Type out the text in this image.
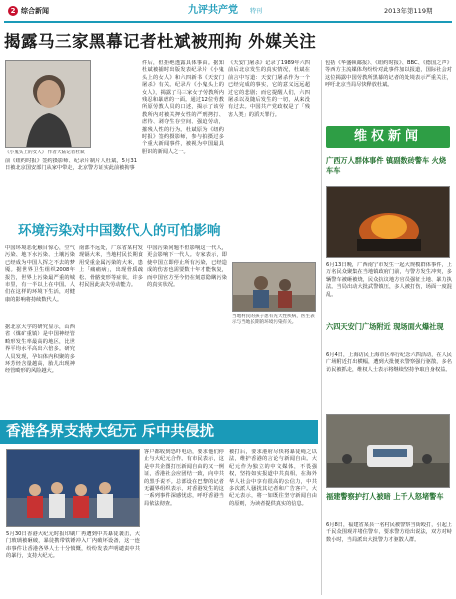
2 综合新闻	九评共产党 特刊	2013年第119期
揭露马三家黑幕记者杜斌被刑拘 外媒关注
《小鬼头上的女人》 作者大陆记者杜斌
前《纽约时报》签约摄影师、纪录片制片人杜斌，5月31日被北京国安部门从家中带走，北京警方证实此前被拘事
件后，但拒绝透露具体事由。据知杜斌被捕时出版发表纪录片《小鬼头上的女人》和六四新书《天安门屠杀》有关。纪录片《小鬼头上的女人》，揭露了马三家女子劳教所内残忍和暴虐的一面。通过12位劳教所原劳教人员的口述，揭示了该劳教所内对被关押女性的严刑拷打、虐待、剥夺生存空间、强迫劳动，摧残人性的行为。杜斌原为《纽约时报》签约摄影师，参与拍摄过多个重大新闻事件，被视为中国最具胆识的新闻人之一。
《天安门屠杀》记录了1989年六四前后北京发生的真实情况，杜斌在前言中写道：天安门屠杀作为一个已经完成的事实，它的意义远远超过它的悲剧；而它提醒人们，六四屠杀以及随后发生的一切，从来没有过去。中国共产党政权是了「残害人类」的滔天罪行。
环境污染对中国数代人的可怕影响
中国环境恶化触目惊心，空气污染、地下水污染、土壤污染已经成为中国人挥之不去的梦魇。据世界卫生组织2008年报告，世界上污染最严重的城市里，有一半以上在中国。人们在这样的环境下生活，对健康的影响将持续数代人。
据北京大学的研究显示，山西省（煤矿重镇）是中国神经管畸形发生率最高的地区，比世界平均水平高出六倍多。研究人员发现，孕妇体内积聚的多环芳烃含量越高，胎儿出现神经管畸形的风险越大。
南部不远处，广东省某村发现镉大米，当地村民长期食用受重金属污染的大米，患上「痛痛病」，出现骨质疏松、骨骼变形等症状，许多村民因此丧失劳动能力。
中国污染问题不但影响这一代人，更会影响下一代人。专家表示，即使中国立即停止所有污染，已经造成的伤害也需要数十年才能恢复，而中国官方至今仍在刻意隐瞒污染的真实状况。
当地村民的孩子患有先天性疾病，医生表示与当地长期的环境污染有关。
香港各界支持大纪元 斥中共侵扰
5月30日香港大纪元时报印刷厂再遭到中共暴徒袭击，大门玻璃被砸破，暴徒携带铁锤冲入厂内破坏设备，这一连串事件让香港各界人士十分愤慨，纷纷发表声明谴责中共的暴行，支持大纪元。
客户都收到恐吓电话，要求他们停止与大纪元合作。有市民表示，这是中共企图打压新闻自由的又一例证，香港社会应团结一致，向中共的黑手说不。总部设在巴黎的记者无疆界组织表示，对香港发生的这一系列事件深感忧虑，呼吁香港当局依法彻查。
被打后，要求港府尽快将暴徒绳之以法，维护香港的言论与新闻自由。大纪元作为独立的中文媒体，不畏强权，坚持如实报道中共真相，在海外华人社会中享有很高的公信力，中共多次派人骚扰其记者和广告客户。大纪元表示，将一如既往坚守新闻自由的原则，为读者提供真实的信息。
包括《华盛顿邮报》、《纽约时报》、BBC、《德国之声》等西方主流媒体均纷纷对此事件加以报道，国际社会对这位揭露中国劳教所黑幕的记者的处境表示严重关注，呼吁北京当局尽快释放杜斌。
维权新闻
广西万人群体事件 镇副数砖警车 火烧车车
6月13日晚，广西南宁市发生一起大规模群体事件，上万名民众聚集在当地镇政府门前，与警方发生冲突，多辆警车被砸被烧，民众抗议地方官员强征土地、暴力执法。当局出动大批武警镇压，多人被打伤，场面一度混乱。
六四天安门广场附近 现场面火爆社现
6月4日，上海访民上海市区举行纪念六四活动，在人民广场附近打出横幅，遭到大批便衣警察强行驱散，多名访民被抓走，维权人士表示将继续坚持争取自身权益。
福建警察护打人被暗 上千人怒堵警车
6月8日，福建省某县一名村民被警察当街殴打，引起上千民众围观并堵住警车，要求警方给出说法，双方对峙数小时，当局派出大批警力才驱散人群。
